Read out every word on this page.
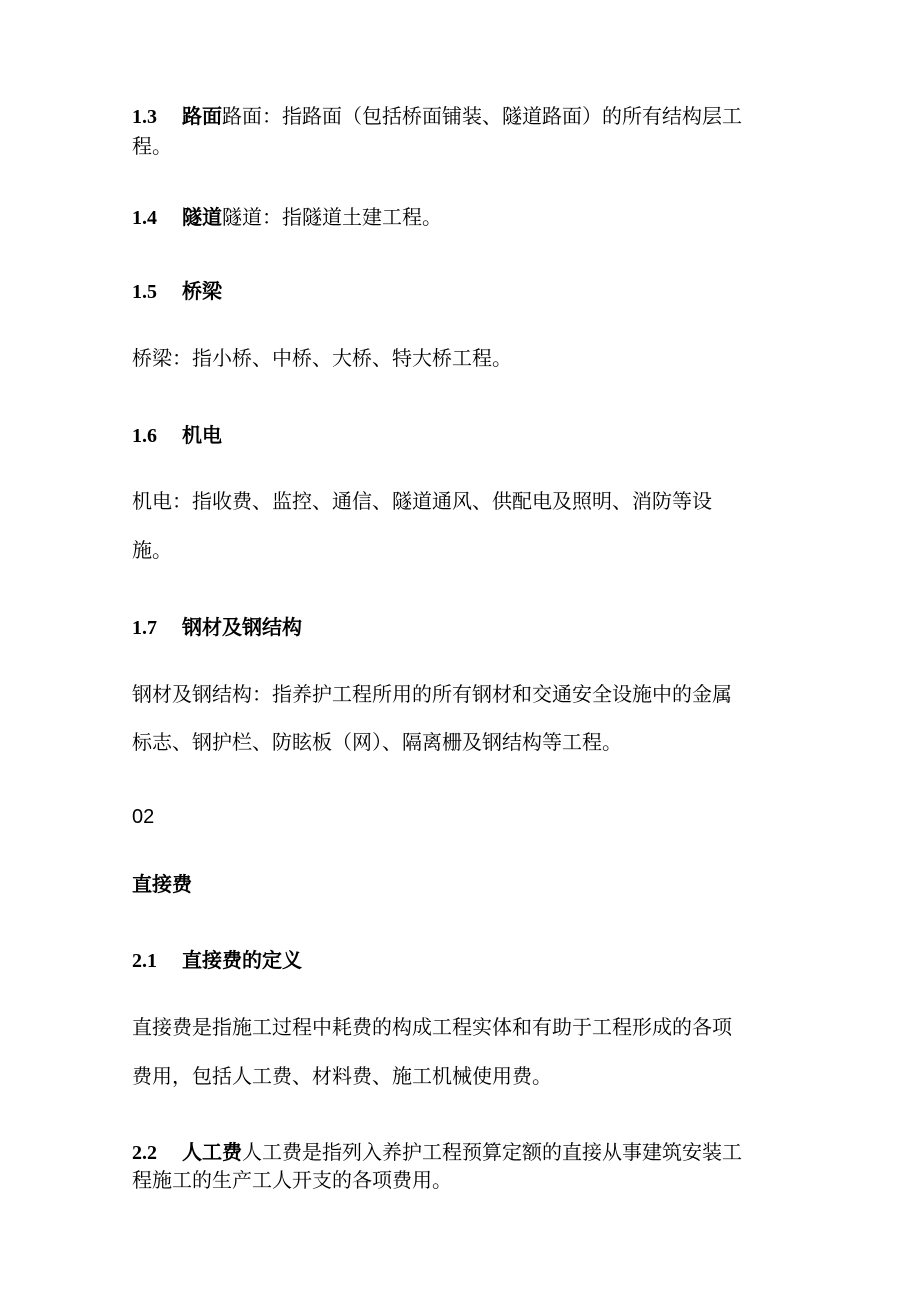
1.3 路面路面：指路面（包括桥面铺装、隧道路面）的所有结构层工
程。
1.4 隧道隧道：指隧道土建工程。
1.5 桥梁
桥梁：指小桥、中桥、大桥、特大桥工程。
1.6 机电
机电：指收费、监控、通信、隧道通风、供配电及照明、消防等设
施。
1.7 钢材及钢结构
钢材及钢结构：指养护工程所用的所有钢材和交通安全设施中的金属
标志、钢护栏、防眩板（网）、隔离栅及钢结构等工程。
02
直接费
2.1 直接费的定义
直接费是指施工过程中耗费的构成工程实体和有助于工程形成的各项
费用，包括人工费、材料费、施工机械使用费。
2.2 人工费人工费是指列入养护工程预算定额的直接从事建筑安装工
程施工的生产工人开支的各项费用。
